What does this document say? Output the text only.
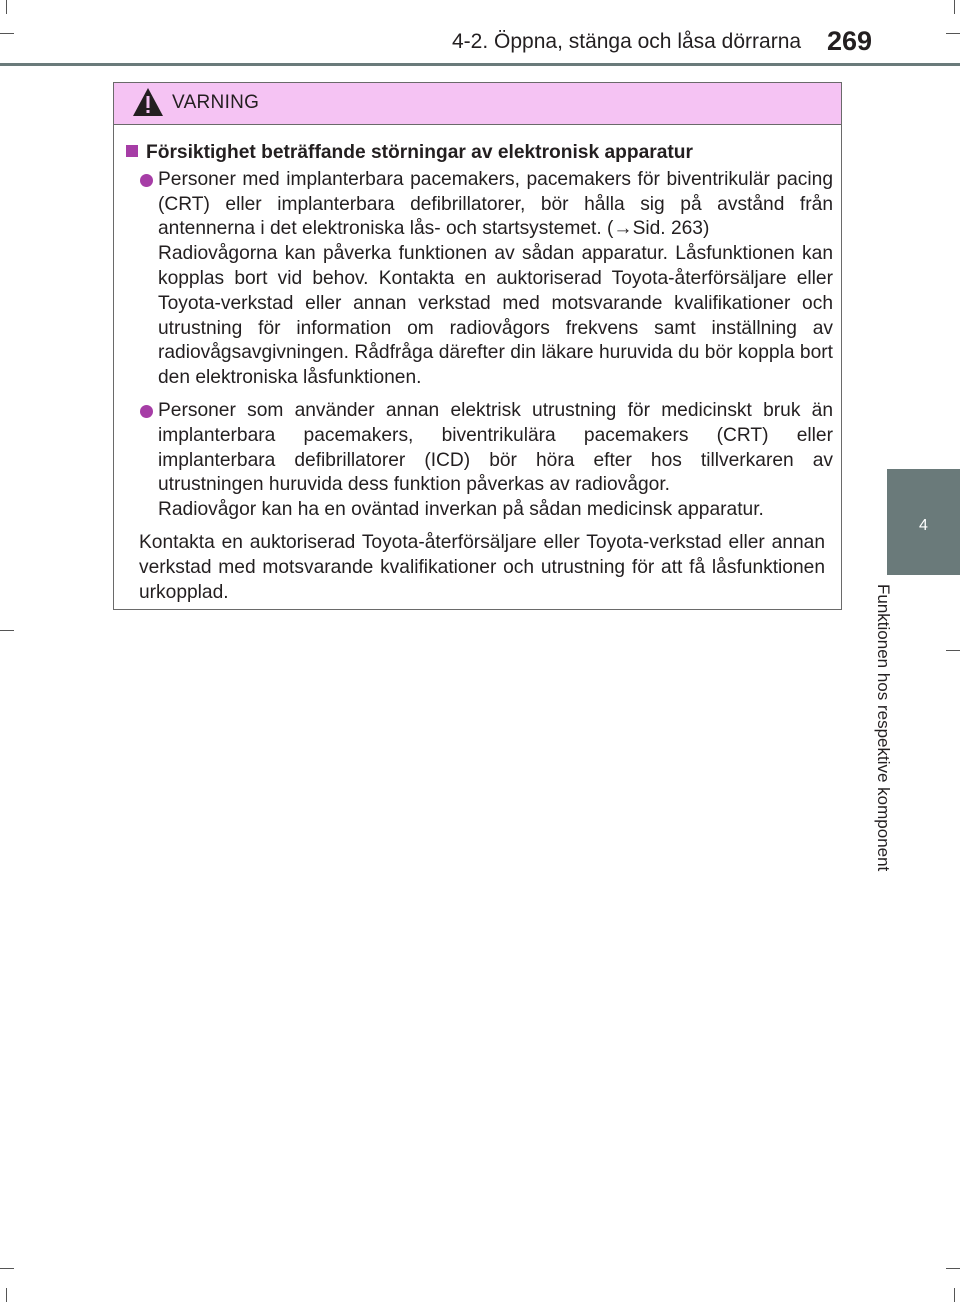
4-2. Öppna, stänga och låsa dörrarna 269
4
Funktionen hos respektive komponent
VARNING
Försiktighet beträffande störningar av elektronisk apparatur

Personer med implanterbara pacemakers, pacemakers för biventrikulär pacing (CRT) eller implanterbara defibrillatorer, bör hålla sig på avstånd från antennerna i det elektroniska lås- och startsystemet. (→Sid. 263)

Radiovågorna kan påverka funktionen av sådan apparatur. Låsfunktionen kan kopplas bort vid behov. Kontakta en auktoriserad Toyota-återförsäljare eller Toyota-verkstad eller annan verkstad med motsvarande kvalifikationer och utrustning för information om radiovågors frekvens samt inställning av radiovågsavgivningen. Rådfråga därefter din läkare huruvida du bör koppla bort den elektroniska låsfunktionen.

Personer som använder annan elektrisk utrustning för medicinskt bruk än implanterbara pacemakers, biventrikulära pacemakers (CRT) eller implanterbara defibrillatorer (ICD) bör höra efter hos tillverkaren av utrustningen huruvida dess funktion påverkas av radiovågor.

Radiovågor kan ha en oväntad inverkan på sådan medicinsk apparatur.

Kontakta en auktoriserad Toyota-återförsäljare eller Toyota-verkstad eller annan verkstad med motsvarande kvalifikationer och utrustning för att få låsfunktionen urkopplad.
